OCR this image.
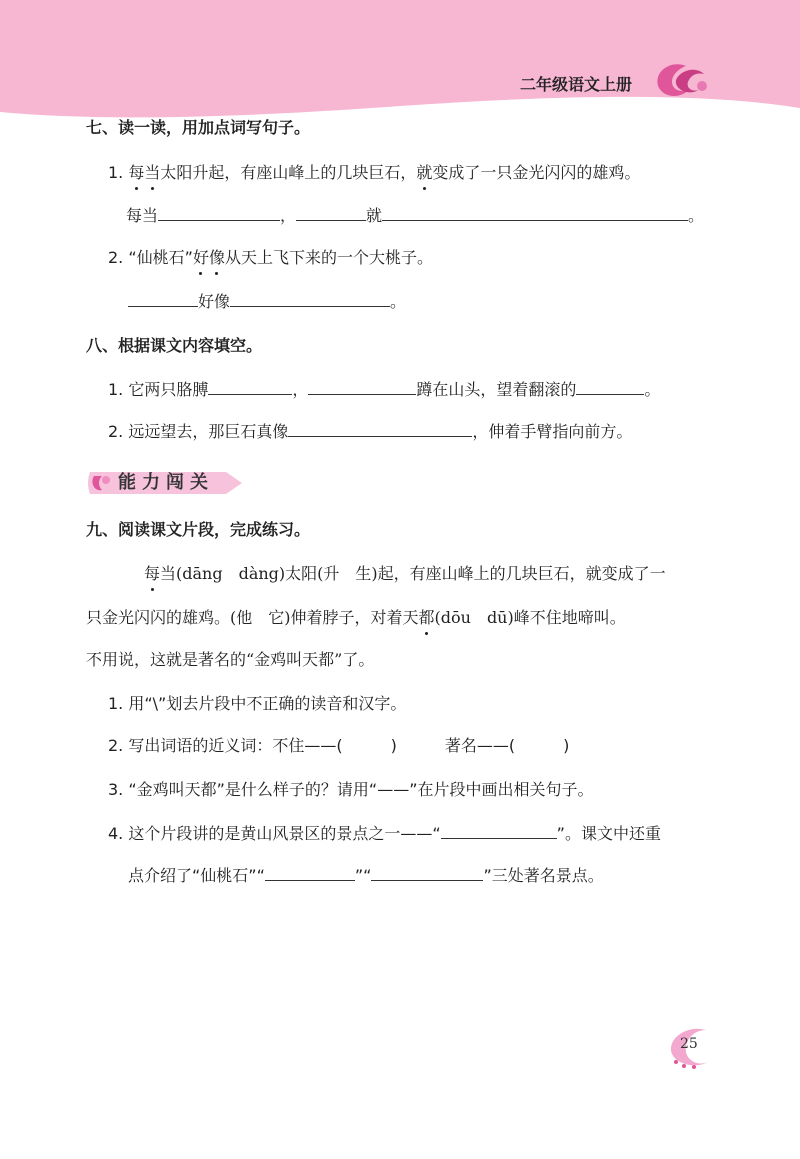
二年级语文上册
七、读一读，用加点词写句子。
1. 每当太阳升起，有座山峰上的几块巨石，就变成了一只金光闪闪的雄鸡。
每当	，	就	。
2. “仙桃石”好像从天上飞下来的一个大桃子。
好像	。
八、根据课文内容填空。
1. 它两只胳膊	，	蹲在山头，望着翻滚的	。
2. 远远望去，那巨石真像	，伸着手臂指向前方。
能力闯关
九、阅读课文片段，完成练习。
每当(dāng　dàng)太阳(升　生)起，有座山峰上的几块巨石，就变成了一
只金光闪闪的雄鸡。(他　它)伸着脖子，对着天都(dōu　dū)峰不住地啼叫。
不用说，这就是著名的“金鸡叫天都”了。
1. 用“\”划去片段中不正确的读音和汉字。
2. 写出词语的近义词：不住——(　　　)	著名——(　　　)
3. “金鸡叫天都”是什么样子的？请用“——”在片段中画出相关句子。
4. 这个片段讲的是黄山风景区的景点之一——“	”。课文中还重
点介绍了“仙桃石”“	”“	”三处著名景点。
25
